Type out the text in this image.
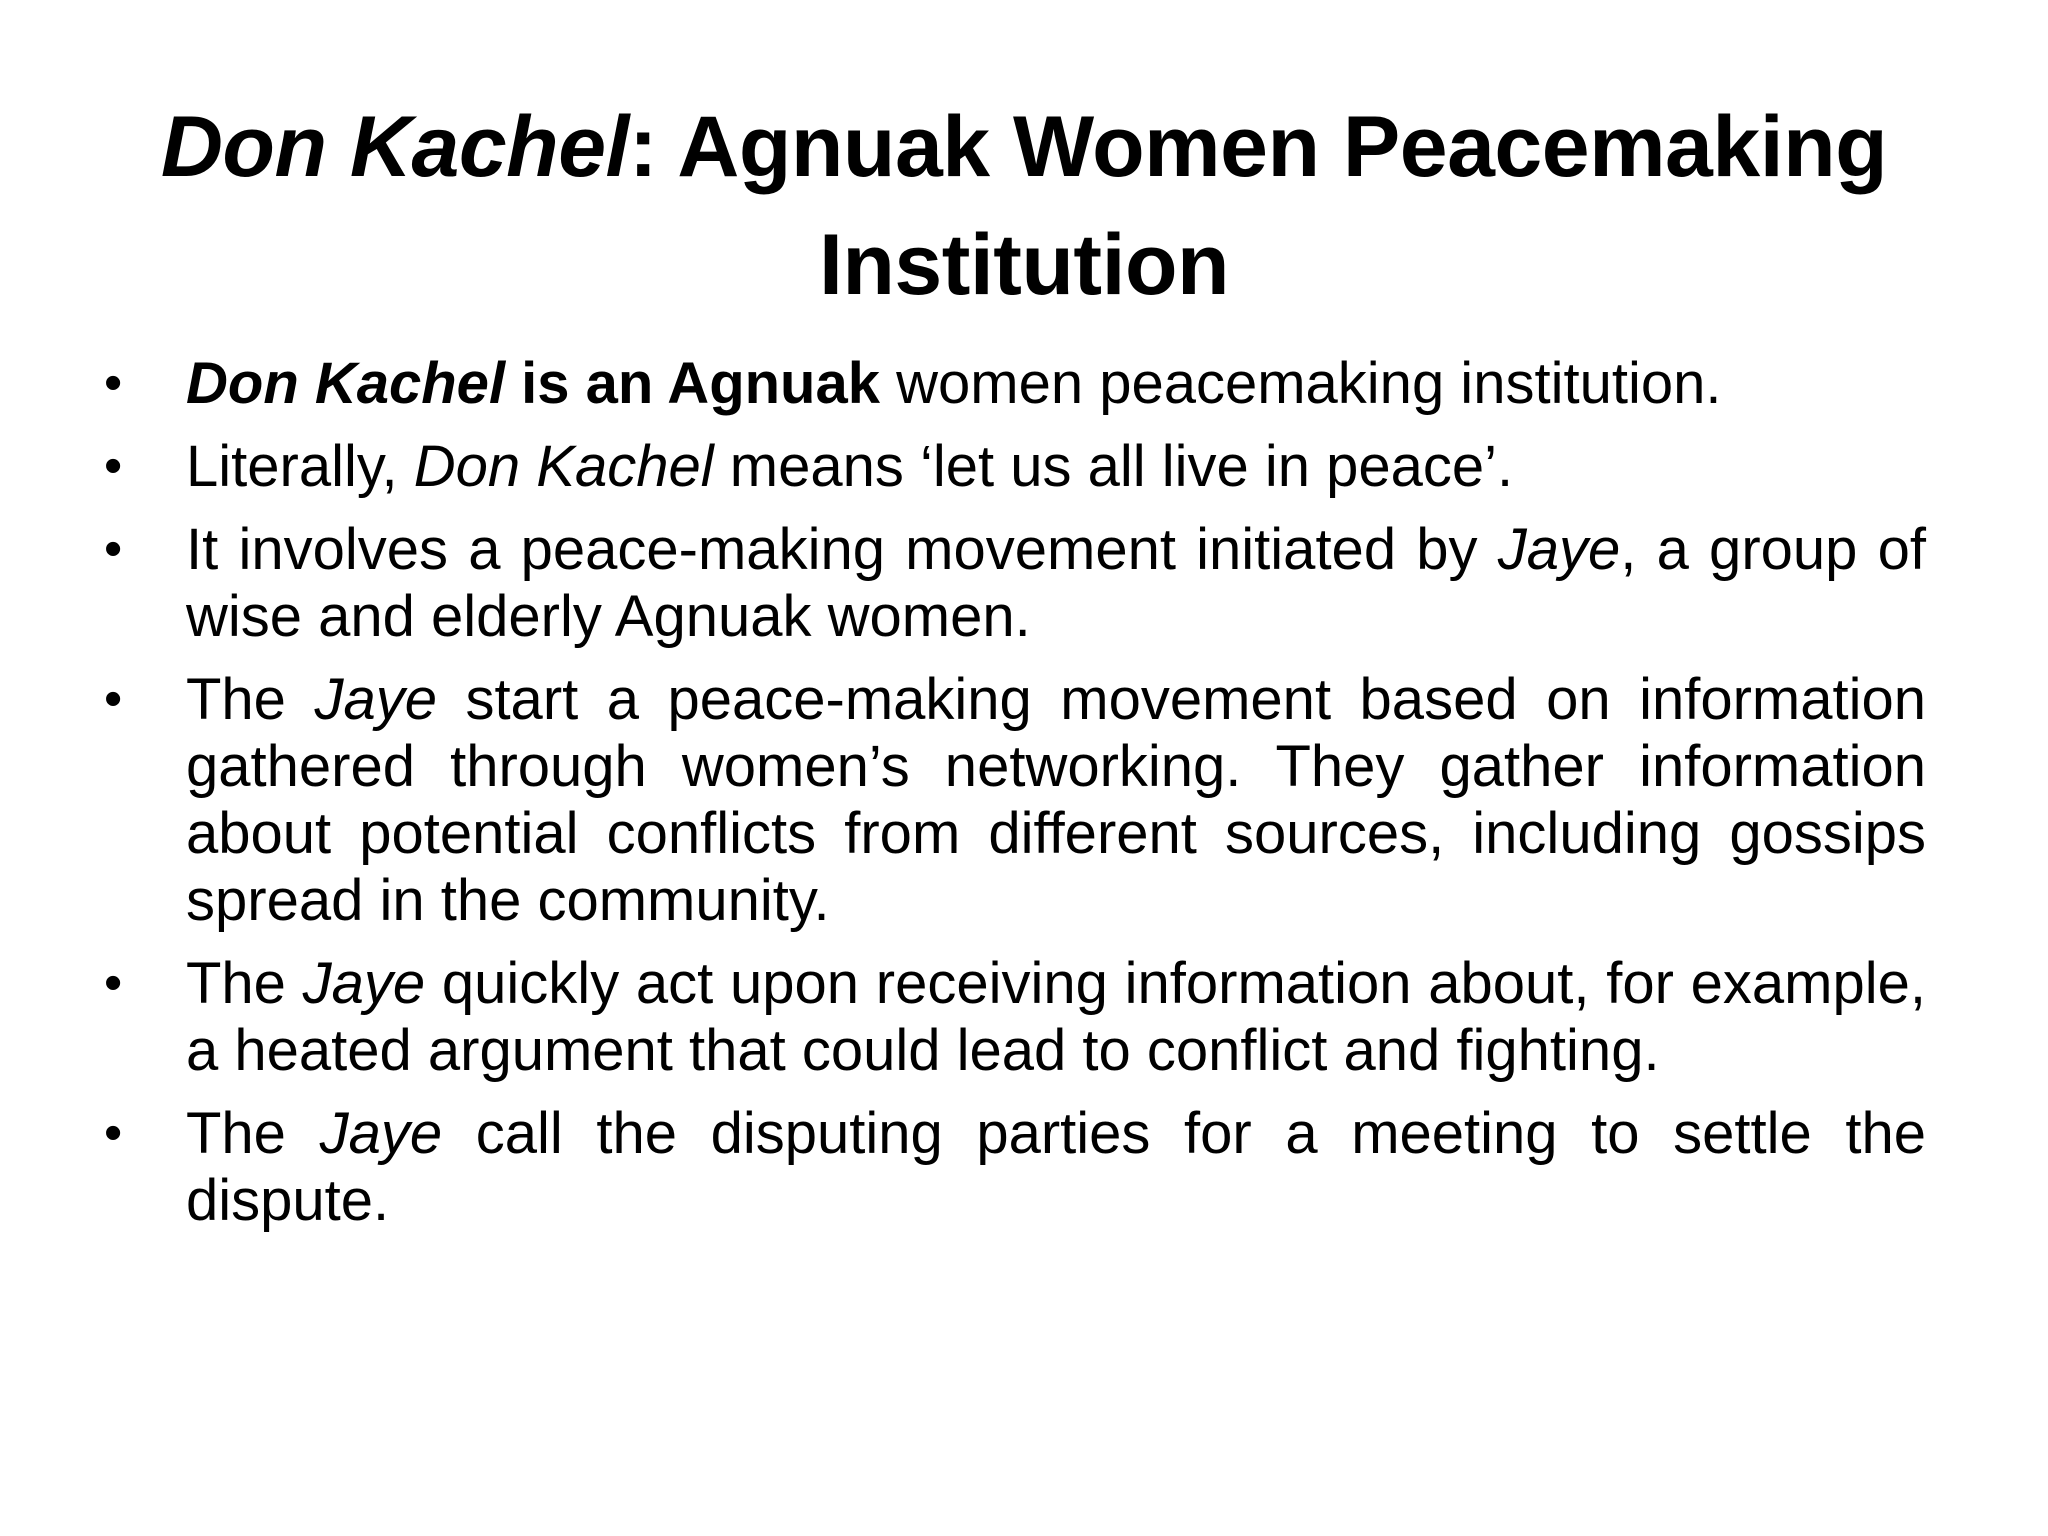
Don Kachel: Agnuak Women Peacemaking Institution
• Don Kachel is an Agnuak women peacemaking institution.
• Literally, Don Kachel means ‘let us all live in peace’.
• It involves a peace-making movement initiated by Jaye, a group of wise and elderly Agnuak women.
• The Jaye start a peace-making movement based on information gathered through women’s networking. They gather information about potential conflicts from different sources, including gossips spread in the community.
• The Jaye quickly act upon receiving information about, for example, a heated argument that could lead to conflict and fighting.
• The Jaye call the disputing parties for a meeting to settle the dispute.
